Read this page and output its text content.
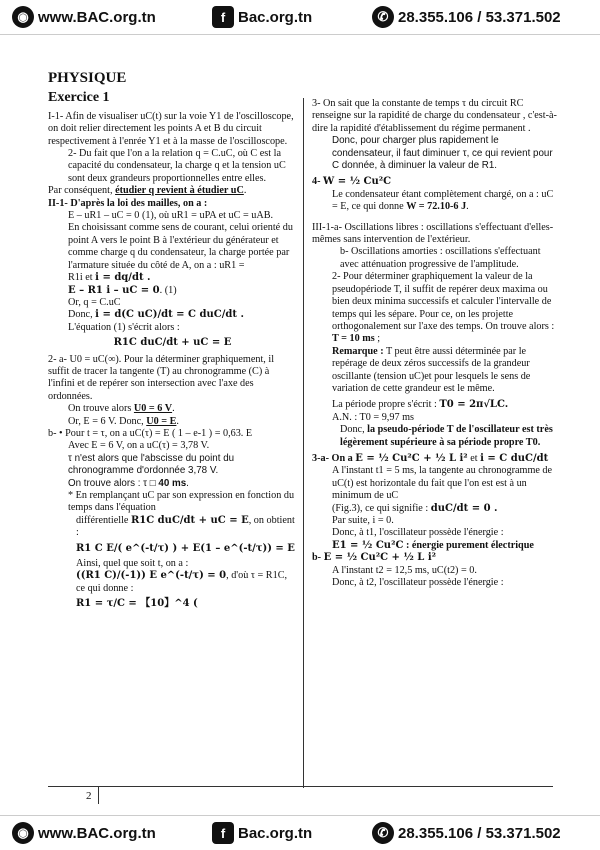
◉ www.BAC.org.tn	f Bac.org.tn	✆ 28.355.106 / 53.371.502
PHYSIQUE
Exercice 1

I-1- Afin de visualiser uC(t) sur la voie Y1 de l'oscilloscope, on doit relier directement les points A et B du circuit respectivement à l'enrée Y1 et à la masse de l'oscilloscope.

2- Du fait que l'on a la relation q = C.uC, où C est la capacité du condensateur, la charge q et la tension uC sont deux grandeurs proportionnelles entre elles.

Par conséquent, étudier q revient à étudier uC.

II-1- D'après la loi des mailles, on a :

E – uR1 – uC = 0 (1), où uR1 = uPA et uC = uAB.

En choisissant comme sens de courant, celui orienté du point A vers le point B à l'extérieur du générateur et comme charge q du condensateur, la charge portée par l'armature située du côté de A, on a : uR1 =

R1i et i = dq/dt .

E – R1 i – uC = 0. (1)

Or, q = C.uC

Donc, i = d(C uC)/dt = C duC/dt .

L'équation (1) s'écrit alors :

R1C duC/dt + uC = E

2- a- U0 = uC(∞). Pour la déterminer graphiquement, il suffit de tracer la tangente (T) au chronogramme (C) à l'infini et de repérer son intersection avec l'axe des ordonnées.

On trouve alors U0 = 6 V.

Or, E = 6 V. Donc, U0 = E.

b- • Pour t = τ, on a uC(τ) = E ( 1 – e-1 ) = 0,63. E

Avec E = 6 V, on a uC(τ) = 3,78 V.

τ n'est alors que l'abscisse du point du chronogramme d'ordonnée 3,78 V.

On trouve alors : τ □ 40 ms.

* En remplançant uC par son expression en fonction du temps dans l'équation

différentielle R1C duC/dt + uC = E, on obtient :

R1 C E/( e^(-t/τ) ) + E(1 – e^(-t/τ)) = E

Ainsi, quel que soit t, on a :

((R1 C)/(-1)) E e^(-t/τ) = 0, d'où τ = R1C, ce qui donne :

R1 = τ/C = 【10】^4 (

3- On sait que la constante de temps τ du circuit RC renseigne sur la rapidité de charge du condensateur , c'est-à-dire la rapidité d'établissement du régime permanent .

Donc, pour charger plus rapidement le condensateur, il faut diminuer τ, ce qui revient pour C donnée, à diminuer la valeur de R1.

4- W = ½ Cu²C

Le condensateur étant complètement chargé, on a : uC = E, ce qui donne W = 72.10-6 J.

III-1-a- Oscillations libres : oscillations s'effectuant d'elles-mêmes sans intervention de l'extérieur.

b- Oscillations amorties : oscillations s'effectuant avec atténuation progressive de l'amplitude.

2- Pour déterminer graphiquement la valeur de la pseudopériode T, il suffit de repérer deux maxima ou bien deux minima successifs et calculer l'intervalle de temps qui les sépare. Pour ce, on les projette orthogonalement sur l'axe des temps. On trouve alors : T = 10 ms ;

Remarque : T peut être aussi déterminée par le repérage de deux zéros successifs de la grandeur oscillante (tension uC)et pour lesquels le sens de variation de cette grandeur est le même.

La période propre s'écrit : T0 = 2π√LC.

A.N. : T0 = 9,97 ms

Donc, la pseudo-période T de l'oscillateur est très légèrement supérieure à sa période propre T0.

3-a- On a E = ½ Cu²C + ½ L i² et i = C duC/dt

A l'instant t1 = 5 ms, la tangente au chronogramme de uC(t) est horizontale du fait que l'on est est à un minimum de uC

(Fig.3), ce qui signifie : duC/dt = 0 .

Par suite, i = 0.

Donc, à t1, l'oscillateur possède l'énergie :

E1 = ½ Cu²C : énergie purement électrique

b- E = ½ Cu²C + ½ L i²

A l'instant t2 = 12,5 ms, uC(t2) = 0.

Donc, à t2, l'oscillateur possède l'énergie :

2
◉ www.BAC.org.tn	f Bac.org.tn	✆ 28.355.106 / 53.371.502
